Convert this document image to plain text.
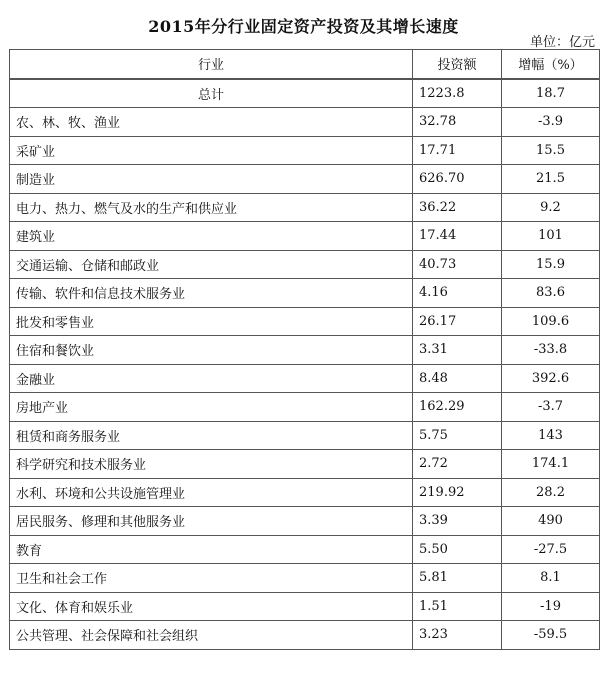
2015年分行业固定资产投资及其增长速度
单位：亿元
行业	投资额	增幅（%）
总计	1223.8	18.7
农、林、牧、渔业	32.78	-3.9
采矿业	17.71	15.5
制造业	626.70	21.5
电力、热力、燃气及水的生产和供应业	36.22	9.2
建筑业	17.44	101
交通运输、仓储和邮政业	40.73	15.9
传输、软件和信息技术服务业	4.16	83.6
批发和零售业	26.17	109.6
住宿和餐饮业	3.31	-33.8
金融业	8.48	392.6
房地产业	162.29	-3.7
租赁和商务服务业	5.75	143
科学研究和技术服务业	2.72	174.1
水利、环境和公共设施管理业	219.92	28.2
居民服务、修理和其他服务业	3.39	490
教育	5.50	-27.5
卫生和社会工作	5.81	8.1
文化、体育和娱乐业	1.51	-19
公共管理、社会保障和社会组织	3.23	-59.5
